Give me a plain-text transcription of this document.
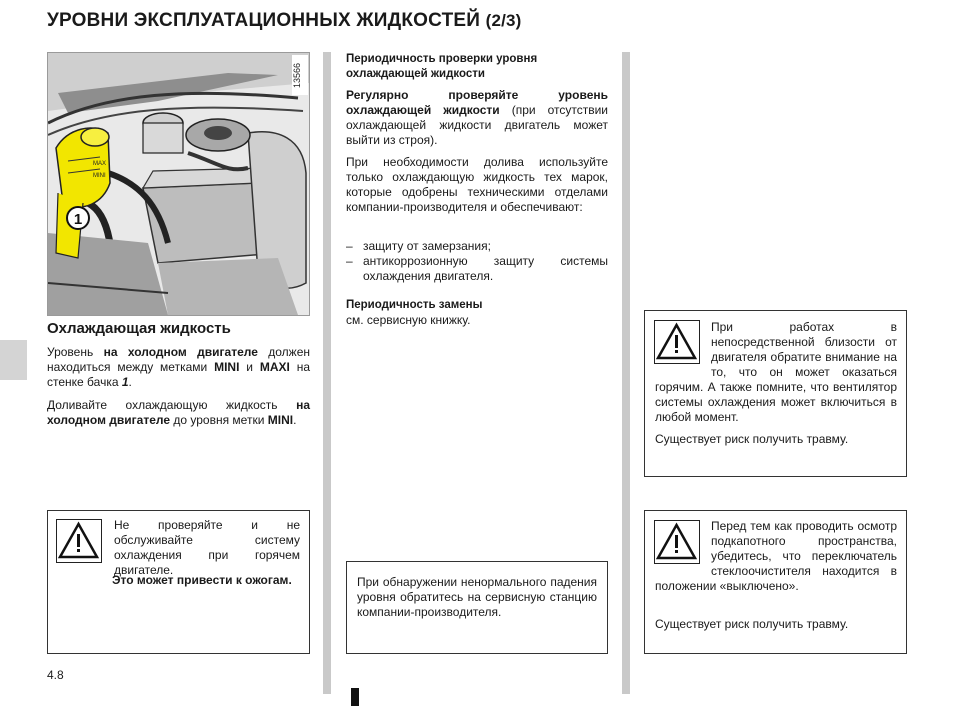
УРОВНИ ЭКСПЛУАТАЦИОННЫХ ЖИДКОСТЕЙ (2/3)
MAX
MINI
1
13566
Охлаждающая жидкость

Уровень на холодном двигателе должен находиться между метками MINI и MAXI на стенке бачка 1.

Доливайте охлаждающую жидкость на холодном двигателе до уровня метки MINI.

Не проверяйте и не обслуживайте систему охлаждения при горячем двигателе.
Это может привести к ожогам.
Периодичность проверки уровня охлаждающей жидкости

Регулярно проверяйте уровень охлаждающей жидкости (при отсутствии охлаждающей жидкости двигатель может выйти из строя).

При необходимости долива используйте только охлаждающую жидкость тех марок, которые одобрены техническими отделами компании-производителя и обеспечивают:

– защиту от замерзания;
– антикоррозионную защиту системы охлаждения двигателя.
Периодичность замены
см. сервисную книжку.
При обнаружении ненормального падения уровня обратитесь на сервисную станцию компании-производителя.
При работах в непосредственной близости от двигателя обратите внимание на то, что он может оказаться горячим. А также помните, что вентилятор системы охлаждения может включиться в любой момент.
Существует риск получить травму.
Перед тем как проводить осмотр подкапотного пространства, убедитесь, что переключатель стеклоочистителя находится в положении «выключено».
Существует риск получить травму.
4.8
